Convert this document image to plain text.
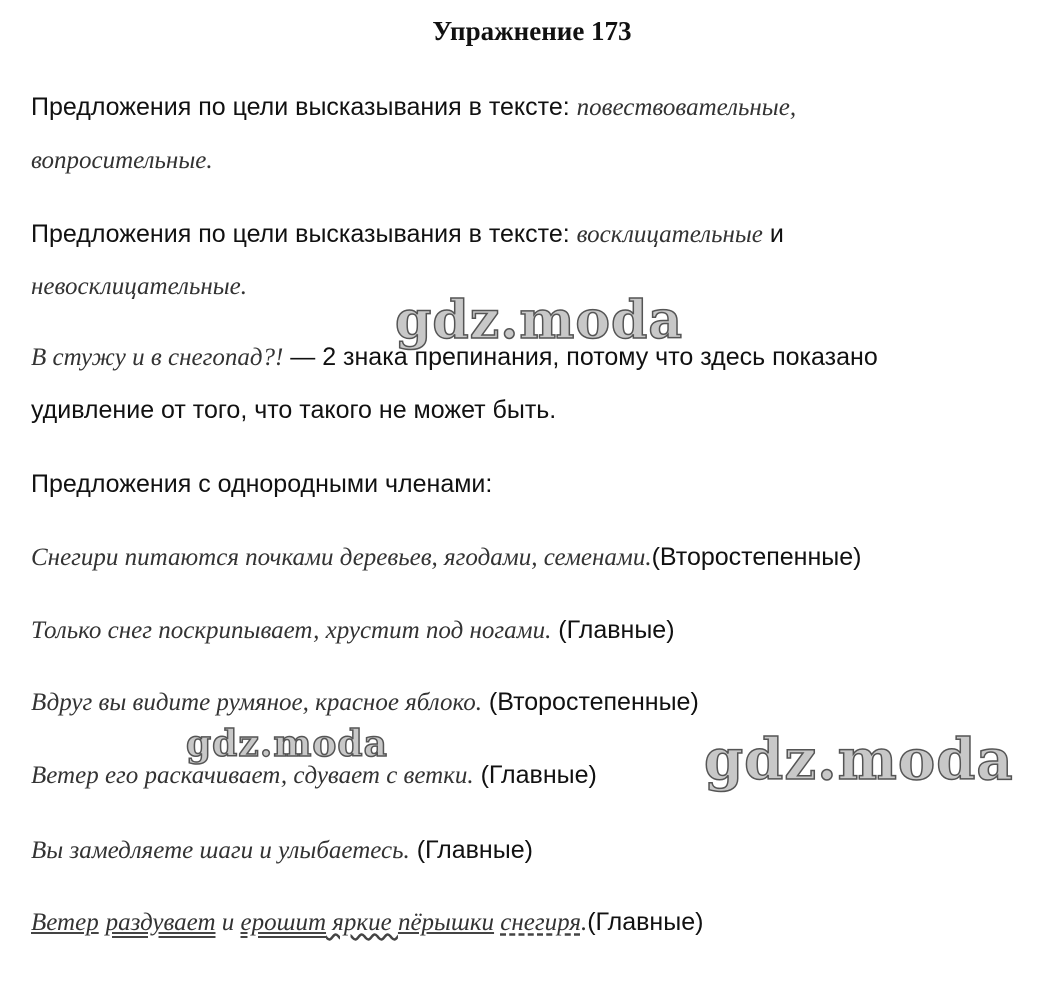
Упражнение 173
Предложения по цели высказывания в тексте: повествовательные,
вопросительные.
Предложения по цели высказывания в тексте: восклицательные и
невосклицательные.
В стужу и в снегопад?! — 2 знака препинания, потому что здесь показано
удивление от того, что такого не может быть.
Предложения с однородными членами:
Снегири питаются почками деревьев, ягодами, семенами.(Второстепенные)
Только снег поскрипывает, хрустит под ногами. (Главные)
Вдруг вы видите румяное, красное яблоко. (Второстепенные)
Ветер его раскачивает, сдувает с ветки. (Главные)
Вы замедляете шаги и улыбаетесь. (Главные)
Ветер раздувает и ерошит яркие пёрышки снегиря.(Главные)
gdz.moda
gdz.moda	gdz.moda
